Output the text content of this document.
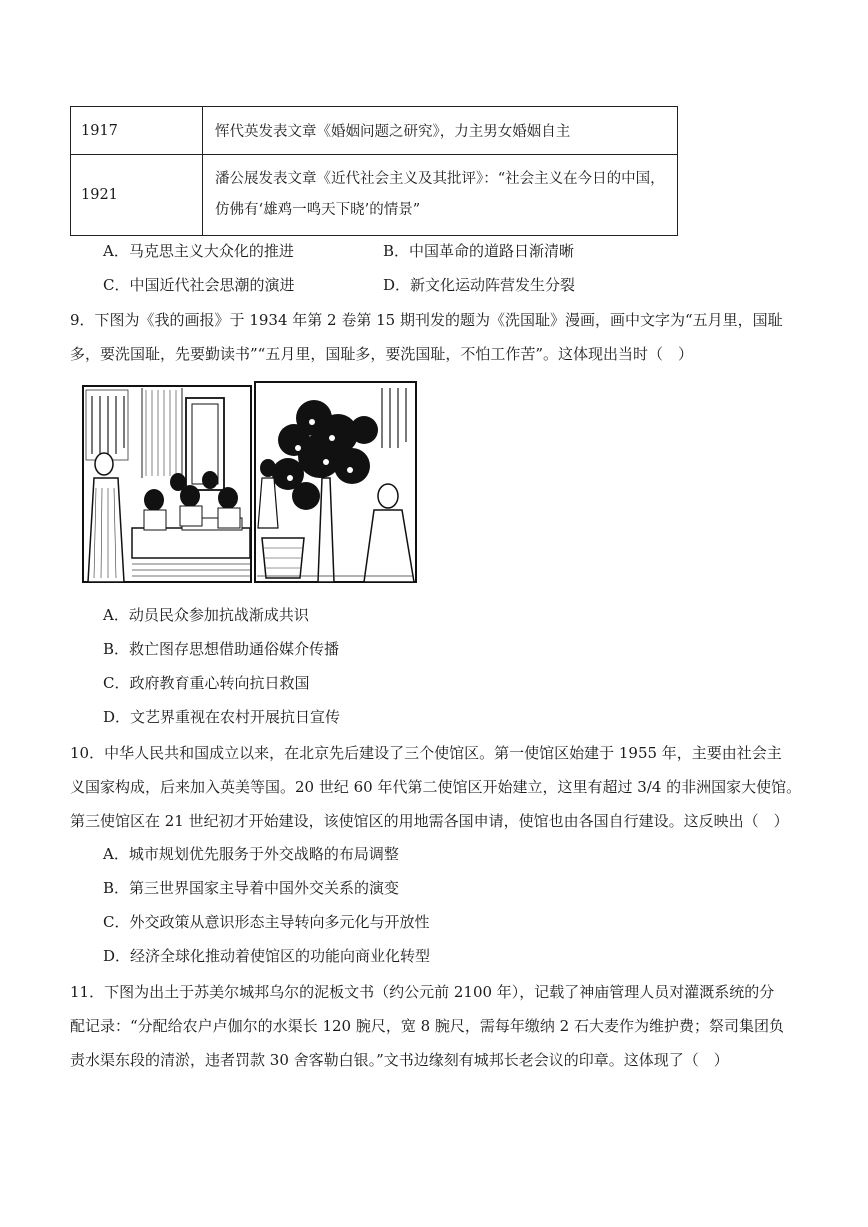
1917	恽代英发表文章《婚姻问题之研究》，力主男女婚姻自主

1921	潘公展发表文章《近代社会主义及其批评》：“社会主义在今日的中国，
仿佛有‘雄鸡一鸣天下晓’的情景”
A．马克思主义大众化的推进	B．中国革命的道路日渐清晰
C．中国近代社会思潮的演进	D．新文化运动阵营发生分裂
9．下图为《我的画报》于 1934 年第 2 卷第 15 期刊发的题为《洗国耻》漫画，画中文字为“五月里，国耻
多，要洗国耻，先要勤读书”“五月里，国耻多，要洗国耻，不怕工作苦”。这体现出当时（　）
A．动员民众参加抗战渐成共识
B．救亡图存思想借助通俗媒介传播
C．政府教育重心转向抗日救国
D．文艺界重视在农村开展抗日宣传
10．中华人民共和国成立以来，在北京先后建设了三个使馆区。第一使馆区始建于 1955 年，主要由社会主
义国家构成，后来加入英美等国。20 世纪 60 年代第二使馆区开始建立，这里有超过 3/4 的非洲国家大使馆。
第三使馆区在 21 世纪初才开始建设，该使馆区的用地需各国申请，使馆也由各国自行建设。这反映出（　）
A．城市规划优先服务于外交战略的布局调整
B．第三世界国家主导着中国外交关系的演变
C．外交政策从意识形态主导转向多元化与开放性
D．经济全球化推动着使馆区的功能向商业化转型
11．下图为出土于苏美尔城邦乌尔的泥板文书（约公元前 2100 年），记载了神庙管理人员对灌溉系统的分
配记录：“分配给农户卢伽尔的水渠长 120 腕尺，宽 8 腕尺，需每年缴纳 2 石大麦作为维护费；祭司集团负
责水渠东段的清淤，违者罚款 30 舍客勒白银。”文书边缘刻有城邦长老会议的印章。这体现了（　）
